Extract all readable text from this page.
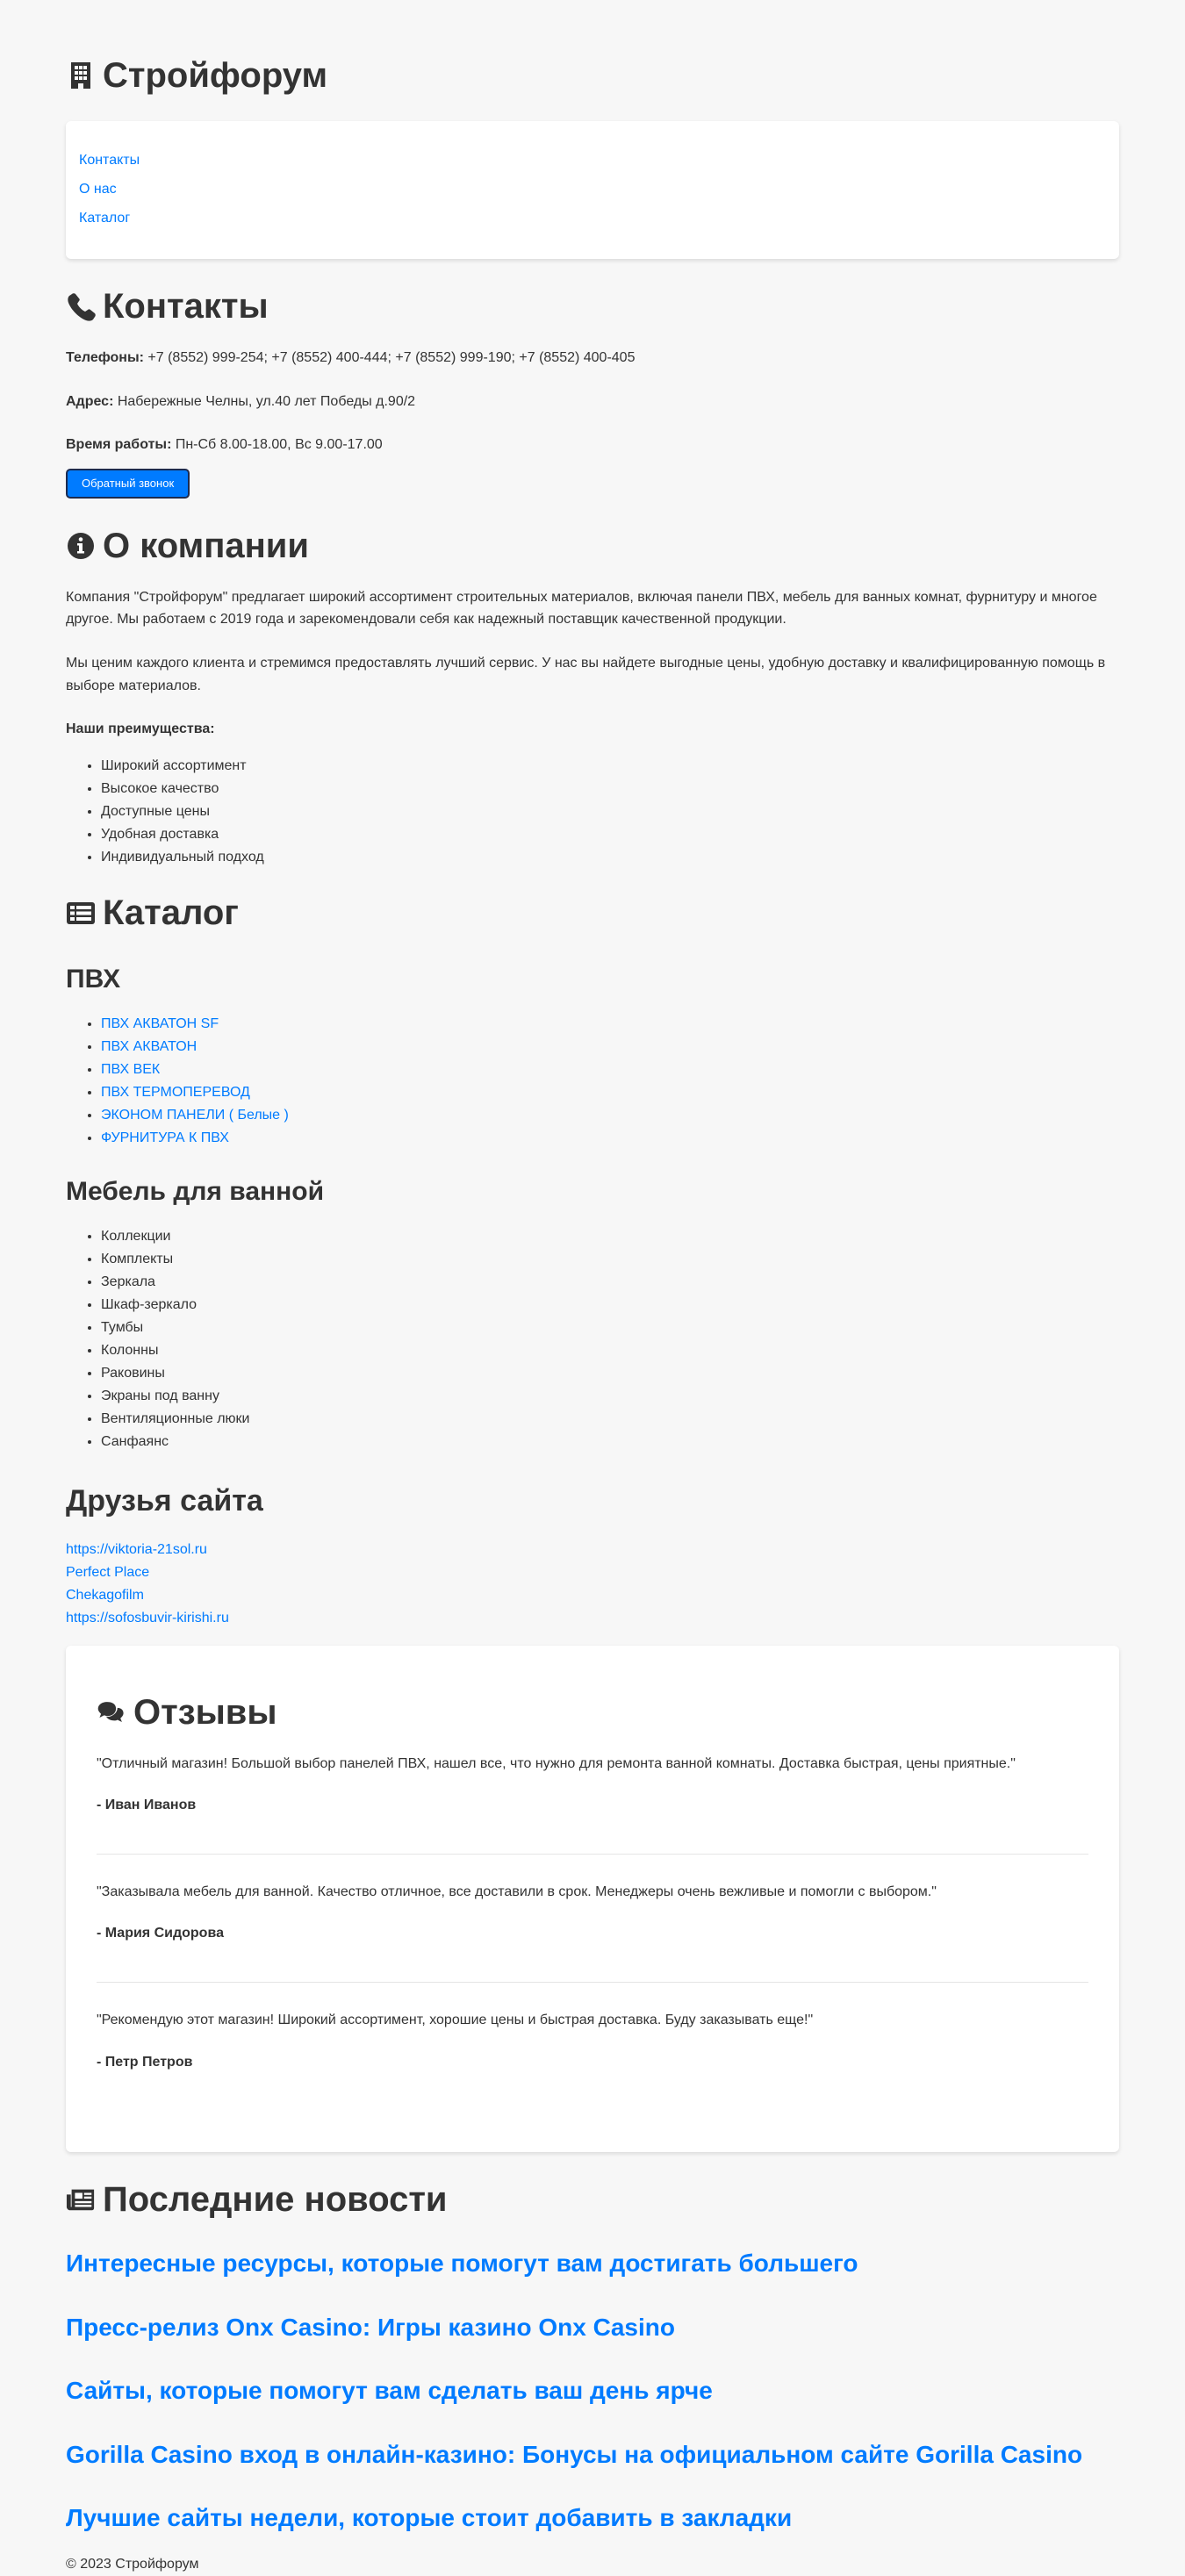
Стройфорум
Контакты
О нас
Каталог
Контакты

Телефоны: +7 (8552) 999-254; +7 (8552) 400-444; +7 (8552) 999-190; +7 (8552) 400-405

Адрес: Набережные Челны, ул.40 лет Победы д.90/2

Время работы: Пн-Сб 8.00-18.00, Вс 9.00-17.00

Обратный звонок
О компании

Компания "Стройфорум" предлагает широкий ассортимент строительных материалов, включая панели ПВХ, мебель для ванных комнат, фурнитуру и многое другое. Мы работаем с 2019 года и зарекомендовали себя как надежный поставщик качественной продукции.

Мы ценим каждого клиента и стремимся предоставлять лучший сервис. У нас вы найдете выгодные цены, удобную доставку и квалифицированную помощь в выборе материалов.

Наши преимущества:

• Широкий ассортимент
• Высокое качество
• Доступные цены
• Удобная доставка
• Индивидуальный подход
Каталог
ПВХ
• ПВХ АКВАТОН SF
• ПВХ АКВАТОН
• ПВХ ВЕК
• ПВХ ТЕРМОПЕРЕВОД
• ЭКОНОМ ПАНЕЛИ ( Белые )
• ФУРНИТУРА К ПВХ
Мебель для ванной
• Коллекции
• Комплекты
• Зеркала
• Шкаф-зеркало
• Тумбы
• Колонны
• Раковины
• Экраны под ванну
• Вентиляционные люки
• Санфаянс
Друзья сайта
https://viktoria-21sol.ru
Perfect Place
Chekagofilm
https://sofosbuvir-kirishi.ru
Отзывы

"Отличный магазин! Большой выбор панелей ПВХ, нашел все, что нужно для ремонта ванной комнаты. Доставка быстрая, цены приятные."

- Иван Иванов

"Заказывала мебель для ванной. Качество отличное, все доставили в срок. Менеджеры очень вежливые и помогли с выбором."

- Мария Сидорова

"Рекомендую этот магазин! Широкий ассортимент, хорошие цены и быстрая доставка. Буду заказывать еще!"

- Петр Петров

Последние новости
Интересные ресурсы, которые помогут вам достигать большего
Пресс-релиз Onx Casino: Игры казино Onx Casino
Сайты, которые помогут вам сделать ваш день ярче
Gorilla Casino вход в онлайн-казино: Бонусы на официальном сайте Gorilla Casino
Лучшие сайты недели, которые стоит добавить в закладки
© 2023 Стройфорум
